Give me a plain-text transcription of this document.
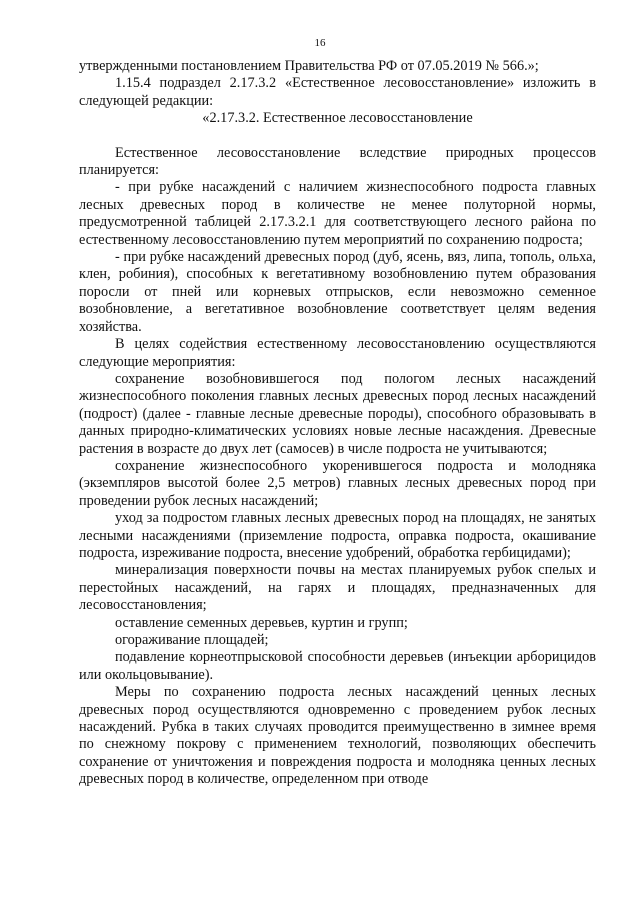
16

утвержденными постановлением Правительства РФ от 07.05.2019 № 566.»;

1.15.4 подраздел 2.17.3.2 «Естественное лесовосстановление» изложить в следующей редакции:

«2.17.3.2. Естественное лесовосстановление

Естественное лесовосстановление вследствие природных процессов планируется:

- при рубке насаждений с наличием жизнеспособного подроста главных лесных древесных пород в количестве не менее полуторной нормы, предусмотренной таблицей 2.17.3.2.1 для соответствующего лесного района по естественному лесовосстановлению путем мероприятий по сохранению подроста;

- при рубке насаждений древесных пород (дуб, ясень, вяз, липа, тополь, ольха, клен, робиния), способных к вегетативному возобновлению путем образования поросли от пней или корневых отпрысков, если невозможно семенное возобновление, а вегетативное возобновление соответствует целям ведения хозяйства.

В целях содействия естественному лесовосстановлению осуществляются следующие мероприятия:

сохранение возобновившегося под пологом лесных насаждений жизнеспособного поколения главных лесных древесных пород лесных насаждений (подрост) (далее - главные лесные древесные породы), способного образовывать в данных природно-климатических условиях новые лесные насаждения. Древесные растения в возрасте до двух лет (самосев) в числе подроста не учитываются;

сохранение жизнеспособного укоренившегося подроста и молодняка (экземпляров высотой более 2,5 метров) главных лесных древесных пород при проведении рубок лесных насаждений;

уход за подростом главных лесных древесных пород на площадях, не занятых лесными насаждениями (приземление подроста, оправка подроста, окашивание подроста, изреживание подроста, внесение удобрений, обработка гербицидами);

минерализация поверхности почвы на местах планируемых рубок спелых и перестойных насаждений, на гарях и площадях, предназначенных для лесовосстановления;

оставление семенных деревьев, куртин и групп;

огораживание площадей;

подавление корнеотпрысковой способности деревьев (инъекции арборицидов или окольцовывание).

Меры по сохранению подроста лесных насаждений ценных лесных древесных пород осуществляются одновременно с проведением рубок лесных насаждений. Рубка в таких случаях проводится преимущественно в зимнее время по снежному покрову с применением технологий, позволяющих обеспечить сохранение от уничтожения и повреждения подроста и молодняка ценных лесных древесных пород в количестве, определенном при отводе
